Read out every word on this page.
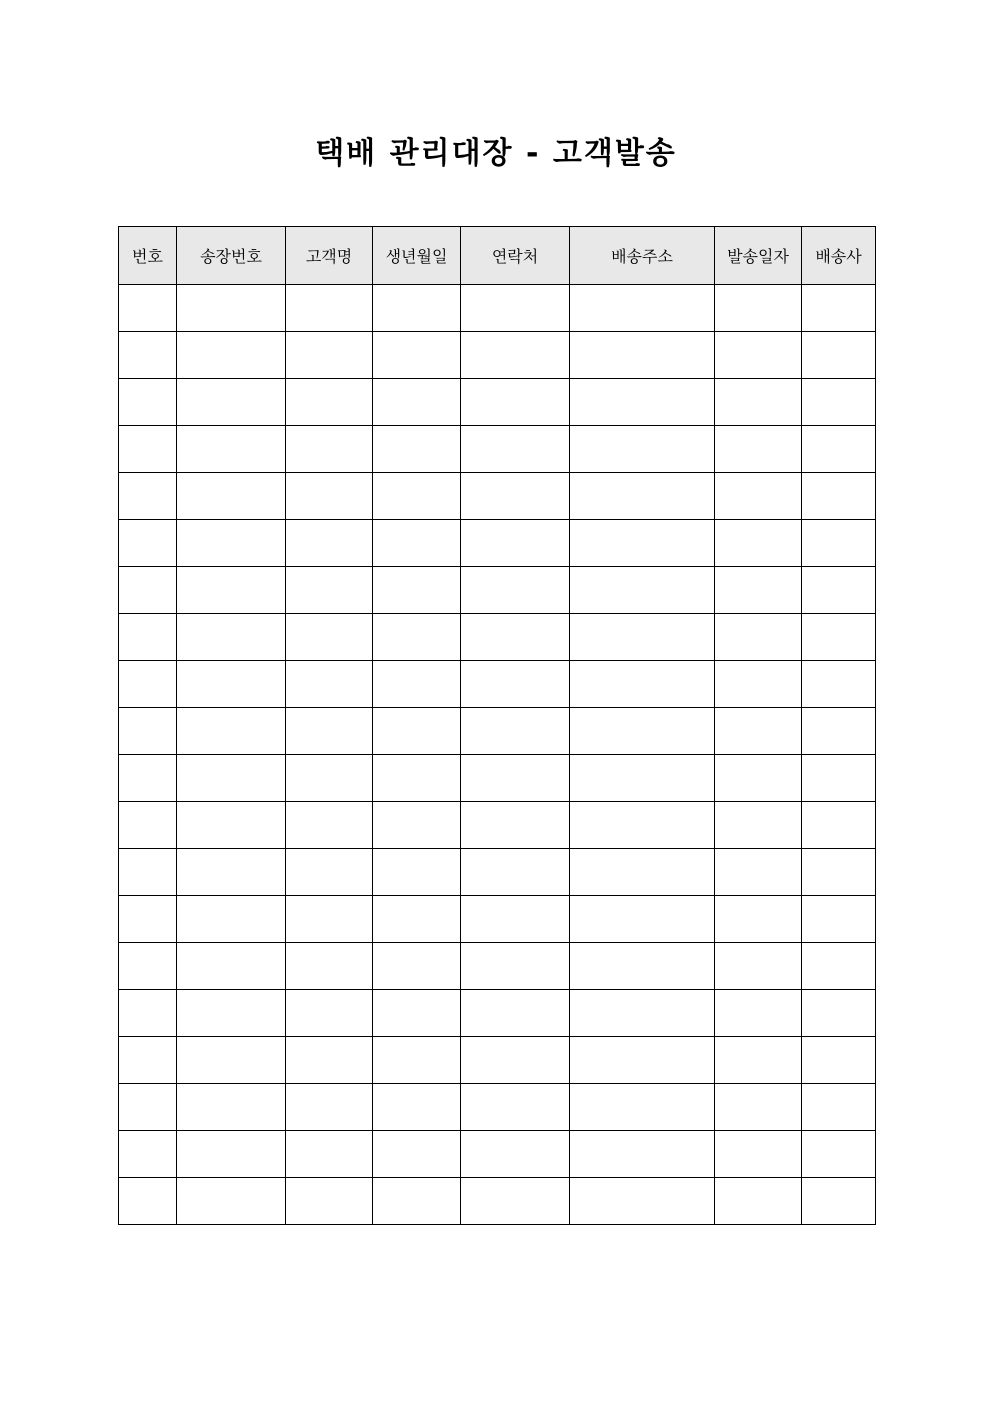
택배 관리대장 - 고객발송
번호	송장번호	고객명	생년월일	연락처	배송주소	발송일자	배송사
